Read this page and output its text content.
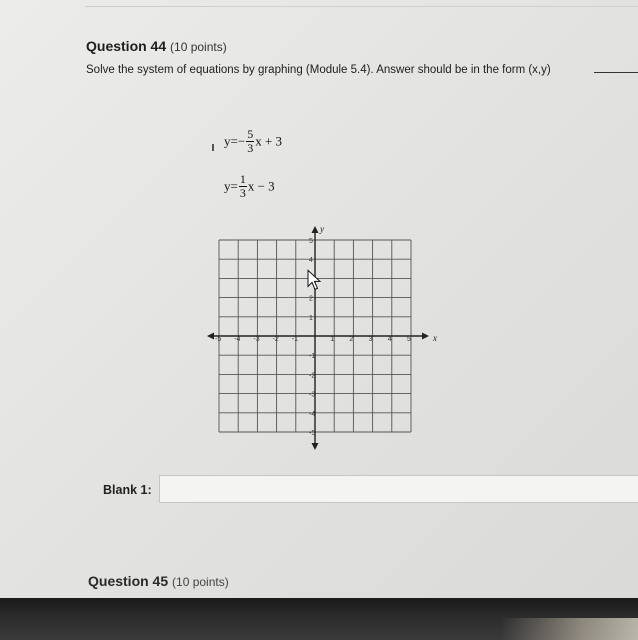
Question 44 (10 points)
Solve the system of equations by graphing (Module 5.4). Answer should be in the form (x,y)
$y=- \frac{5}{3}$ x + 3
$y= \frac{1}{3}$ x − 3
x
y
-5 -4 -3 -2 -1	1 2 3 4 5
5
4
2
1
-1
-2
-3
-4
-5
Blank 1:
Question 45 (10 points)
